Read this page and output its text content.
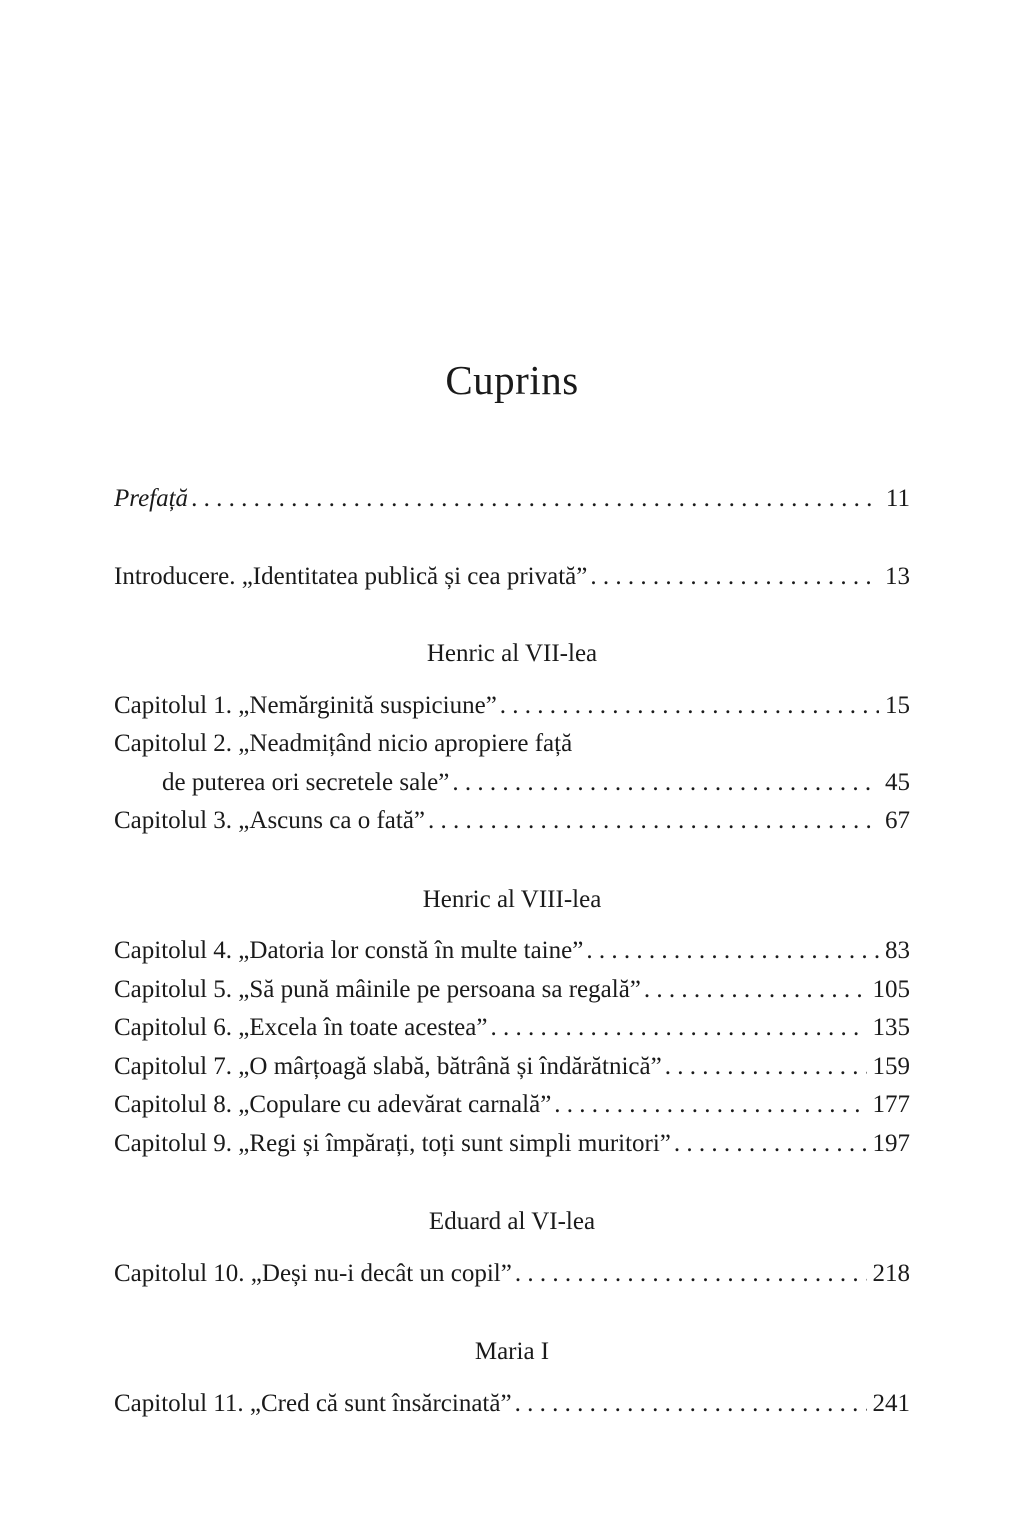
Cuprins
Prefață . . .	11
Introducere. „Identitatea publică și cea privată” . . .	13
Henric al VII-lea
Capitolul 1. „Nemărginită suspiciune” . . .	15
Capitolul 2. „Neadmițând nicio apropiere față
de puterea ori secretele sale” . . .	45
Capitolul 3. „Ascuns ca o fată” . . .	67
Henric al VIII-lea
Capitolul 4. „Datoria lor constă în multe taine” . . .	83
Capitolul 5. „Să pună mâinile pe persoana sa regală” . . .	105
Capitolul 6. „Excela în toate acestea” . . .	135
Capitolul 7. „O mârțoagă slabă, bătrână și îndărătnică” . . .	159
Capitolul 8. „Copulare cu adevărat carnală” . . .	177
Capitolul 9. „Regi și împărați, toți sunt simpli muritori” . . .	197
Eduard al VI-lea
Capitolul 10. „Deși nu-i decât un copil” . . .	218
Maria I
Capitolul 11. „Cred că sunt însărcinată” . . .	241
